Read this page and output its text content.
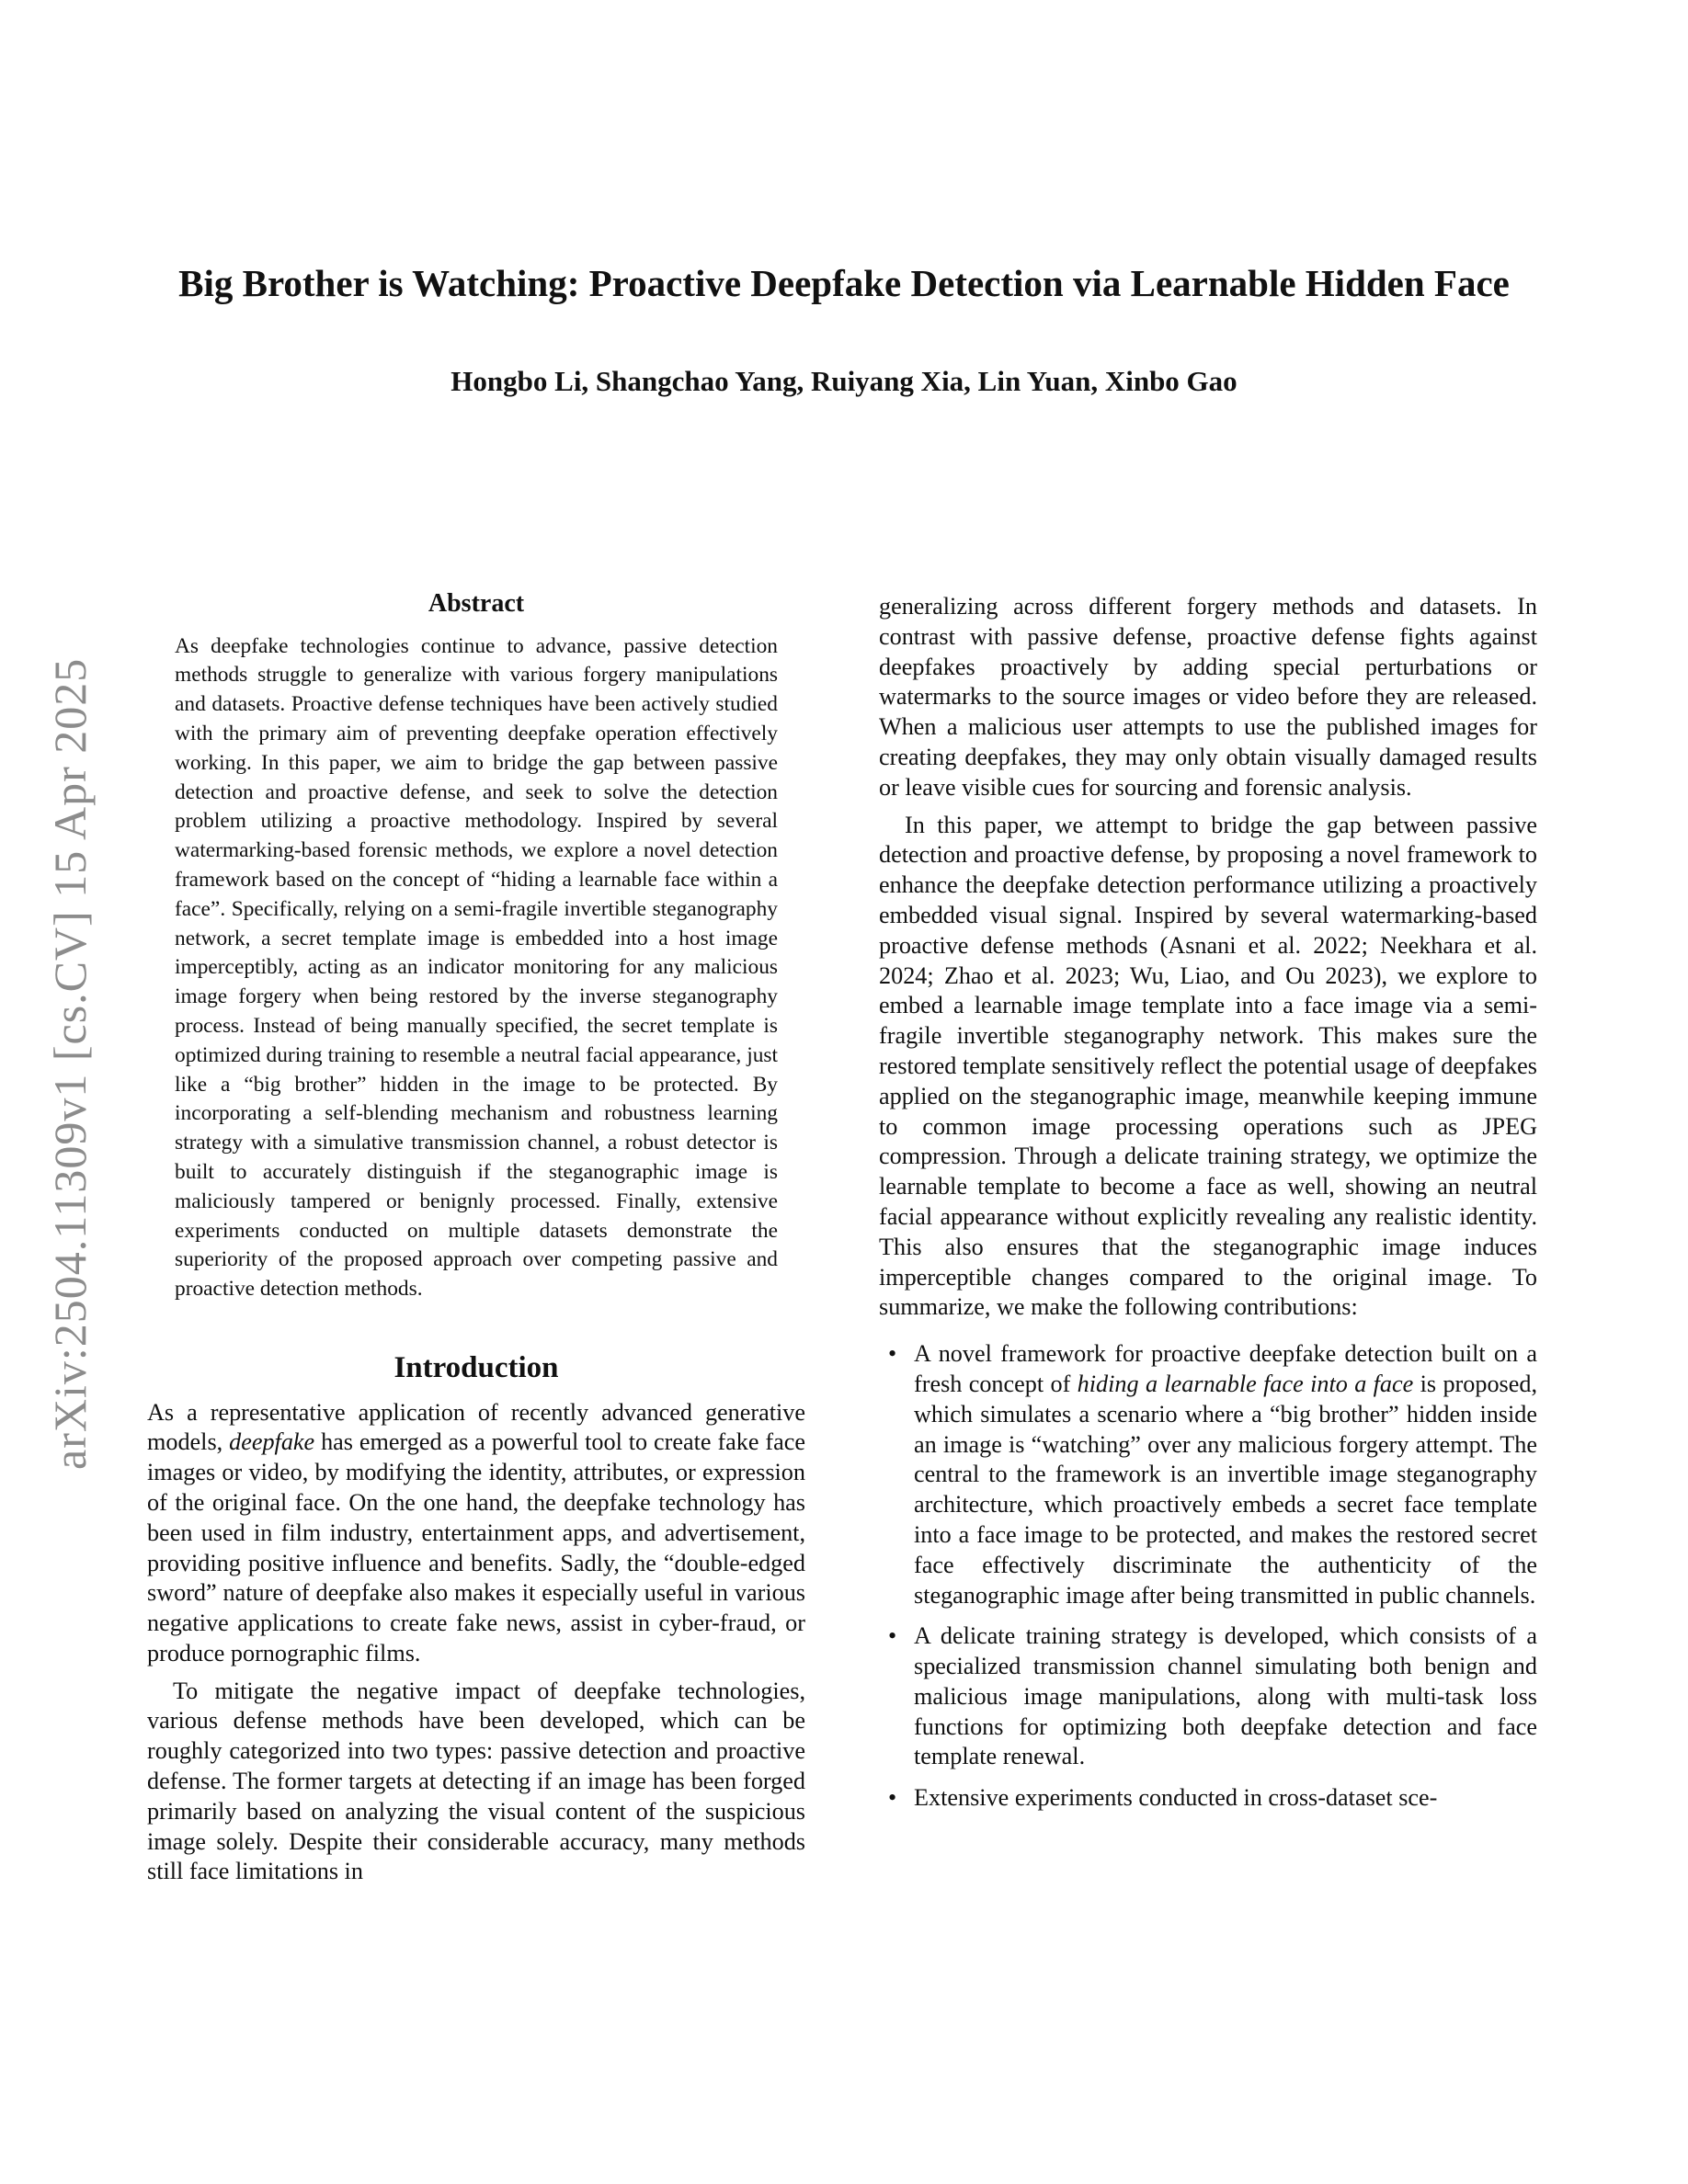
arXiv:2504.11309v1 [cs.CV] 15 Apr 2025
Big Brother is Watching: Proactive Deepfake Detection via Learnable Hidden Face
Hongbo Li, Shangchao Yang, Ruiyang Xia, Lin Yuan, Xinbo Gao
Abstract

As deepfake technologies continue to advance, passive detection methods struggle to generalize with various forgery manipulations and datasets. Proactive defense techniques have been actively studied with the primary aim of preventing deepfake operation effectively working. In this paper, we aim to bridge the gap between passive detection and proactive defense, and seek to solve the detection problem utilizing a proactive methodology. Inspired by several watermarking-based forensic methods, we explore a novel detection framework based on the concept of “hiding a learnable face within a face”. Specifically, relying on a semi-fragile invertible steganography network, a secret template image is embedded into a host image imperceptibly, acting as an indicator monitoring for any malicious image forgery when being restored by the inverse steganography process. Instead of being manually specified, the secret template is optimized during training to resemble a neutral facial appearance, just like a “big brother” hidden in the image to be protected. By incorporating a self-blending mechanism and robustness learning strategy with a simulative transmission channel, a robust detector is built to accurately distinguish if the steganographic image is maliciously tampered or benignly processed. Finally, extensive experiments conducted on multiple datasets demonstrate the superiority of the proposed approach over competing passive and proactive detection methods.

Introduction

As a representative application of recently advanced generative models, deepfake has emerged as a powerful tool to create fake face images or video, by modifying the identity, attributes, or expression of the original face. On the one hand, the deepfake technology has been used in film industry, entertainment apps, and advertisement, providing positive influence and benefits. Sadly, the “double-edged sword” nature of deepfake also makes it especially useful in various negative applications to create fake news, assist in cyber-fraud, or produce pornographic films.

To mitigate the negative impact of deepfake technologies, various defense methods have been developed, which can be roughly categorized into two types: passive detection and proactive defense. The former targets at detecting if an image has been forged primarily based on analyzing the visual content of the suspicious image solely. Despite their considerable accuracy, many methods still face limitations in

generalizing across different forgery methods and datasets. In contrast with passive defense, proactive defense fights against deepfakes proactively by adding special perturbations or watermarks to the source images or video before they are released. When a malicious user attempts to use the published images for creating deepfakes, they may only obtain visually damaged results or leave visible cues for sourcing and forensic analysis.

In this paper, we attempt to bridge the gap between passive detection and proactive defense, by proposing a novel framework to enhance the deepfake detection performance utilizing a proactively embedded visual signal. Inspired by several watermarking-based proactive defense methods (Asnani et al. 2022; Neekhara et al. 2024; Zhao et al. 2023; Wu, Liao, and Ou 2023), we explore to embed a learnable image template into a face image via a semi-fragile invertible steganography network. This makes sure the restored template sensitively reflect the potential usage of deepfakes applied on the steganographic image, meanwhile keeping immune to common image processing operations such as JPEG compression. Through a delicate training strategy, we optimize the learnable template to become a face as well, showing an neutral facial appearance without explicitly revealing any realistic identity. This also ensures that the steganographic image induces imperceptible changes compared to the original image. To summarize, we make the following contributions:

• A novel framework for proactive deepfake detection built on a fresh concept of hiding a learnable face into a face is proposed, which simulates a scenario where a “big brother” hidden inside an image is “watching” over any malicious forgery attempt. The central to the framework is an invertible image steganography architecture, which proactively embeds a secret face template into a face image to be protected, and makes the restored secret face effectively discriminate the authenticity of the steganographic image after being transmitted in public channels.
• A delicate training strategy is developed, which consists of a specialized transmission channel simulating both benign and malicious image manipulations, along with multi-task loss functions for optimizing both deepfake detection and face template renewal.
• Extensive experiments conducted in cross-dataset sce-
